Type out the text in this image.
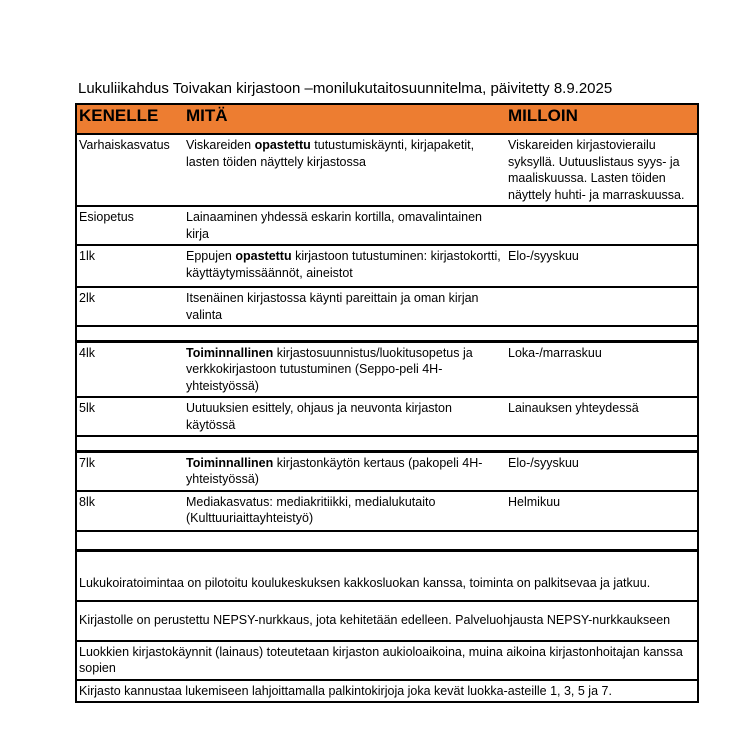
Lukuliikahdus Toivakan kirjastoon –monilukutaitosuunnitelma, päivitetty 8.9.2025
KENELLE	MITÄ	MILLOIN
Varhaiskasvatus	Viskareiden opastettu tutustumiskäynti, kirjapaketit, lasten töiden näyttely kirjastossa	Viskareiden kirjastovierailu syksyllä. Uutuuslistaus syys- ja maaliskuussa. Lasten töiden näyttely huhti- ja marraskuussa.
Esiopetus	Lainaaminen yhdessä eskarin kortilla, omavalintainen kirja	
1lk	Eppujen opastettu kirjastoon tutustuminen: kirjastokortti, käyttäytymissäännöt, aineistot	Elo-/syyskuu
2lk	Itsenäinen kirjastossa käynti pareittain ja oman kirjan valinta	

4lk	Toiminnallinen kirjastosuunnistus/luokitusopetus ja verkkokirjastoon tutustuminen (Seppo-peli 4H- yhteistyössä)	Loka-/marraskuu
5lk	Uutuuksien esittely, ohjaus ja neuvonta kirjaston käytössä	Lainauksen yhteydessä

7lk	Toiminnallinen kirjastonkäytön kertaus (pakopeli 4H-yhteistyössä)	Elo-/syyskuu
8lk	Mediakasvatus: mediakritiikki, medialukutaito (Kulttuuriaittayhteistyö)	Helmikuu

Lukukoiratoimintaa on pilotoitu koulukeskuksen kakkosluokan kanssa, toiminta on palkitsevaa ja jatkuu.		
Kirjastolle on perustettu NEPSY-nurkkaus, jota kehitetään edelleen. Palveluohjausta NEPSY-nurkkaukseen		
Luokkien kirjastokäynnit (lainaus) toteutetaan kirjaston aukioloaikoina, muina aikoina kirjastonhoitajan kanssa sopien		
Kirjasto kannustaa lukemiseen lahjoittamalla palkintokirjoja joka kevät luokka-asteille 1, 3, 5 ja 7.		
